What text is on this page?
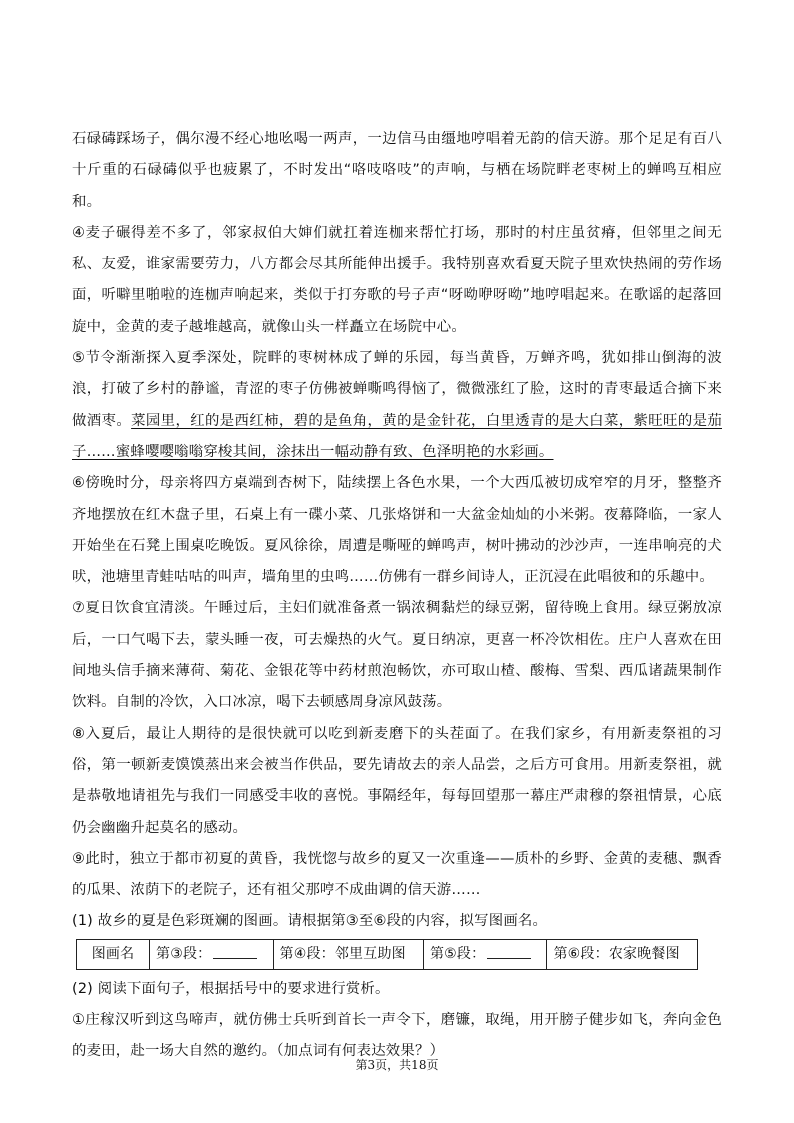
石碌碡踩场子，偶尔漫不经心地吆喝一两声，一边信马由缰地哼唱着无韵的信天游。那个足足有百八十斤重的石碌碡似乎也疲累了，不时发出“咯吱咯吱”的声响，与栖在场院畔老枣树上的蝉鸣互相应和。

④麦子碾得差不多了，邻家叔伯大婶们就扛着连枷来帮忙打场，那时的村庄虽贫瘠，但邻里之间无私、友爱，谁家需要劳力，八方都会尽其所能伸出援手。我特别喜欢看夏天院子里欢快热闹的劳作场面，听噼里啪啦的连枷声响起来，类似于打夯歌的号子声“呀呦咿呀呦”地哼唱起来。在歌谣的起落回旋中，金黄的麦子越堆越高，就像山头一样矗立在场院中心。

⑤节令渐渐探入夏季深处，院畔的枣树林成了蝉的乐园，每当黄昏，万蝉齐鸣，犹如排山倒海的波浪，打破了乡村的静谧，青涩的枣子仿佛被蝉嘶鸣得恼了，微微涨红了脸，这时的青枣最适合摘下来做酒枣。菜园里，红的是西红柿，碧的是鱼角，黄的是金针花，白里透青的是大白菜，紫旺旺的是茄子……蜜蜂嘤嘤嗡嗡穿梭其间，涂抹出一幅动静有致、色泽明艳的水彩画。

⑥傍晚时分，母亲将四方桌端到杏树下，陆续摆上各色水果，一个大西瓜被切成窄窄的月牙，整整齐齐地摆放在红木盘子里，石桌上有一碟小菜、几张烙饼和一大盆金灿灿的小米粥。夜幕降临，一家人开始坐在石凳上围桌吃晚饭。夏风徐徐，周遭是嘶哑的蝉鸣声，树叶拂动的沙沙声，一连串响亮的犬吠，池塘里青蛙咕咕的叫声，墙角里的虫鸣……仿佛有一群乡间诗人，正沉浸在此唱彼和的乐趣中。

⑦夏日饮食宜清淡。午睡过后，主妇们就准备煮一锅浓稠黏烂的绿豆粥，留待晚上食用。绿豆粥放凉后，一口气喝下去，蒙头睡一夜，可去燥热的火气。夏日纳凉，更喜一杯冷饮相佐。庄户人喜欢在田间地头信手摘来薄荷、菊花、金银花等中药材煎泡畅饮，亦可取山楂、酸梅、雪梨、西瓜诸蔬果制作饮料。自制的冷饮，入口冰凉，喝下去顿感周身凉风鼓荡。

⑧入夏后，最让人期待的是很快就可以吃到新麦磨下的头茬面了。在我们家乡，有用新麦祭祖的习俗，第一顿新麦馍馍蒸出来会被当作供品，要先请故去的亲人品尝，之后方可食用。用新麦祭祖，就是恭敬地请祖先与我们一同感受丰收的喜悦。事隔经年，每每回望那一幕庄严肃穆的祭祖情景，心底仍会幽幽升起莫名的感动。

⑨此时，独立于都市初夏的黄昏，我恍惚与故乡的夏又一次重逢——质朴的乡野、金黄的麦穗、飘香的瓜果、浓荫下的老院子，还有祖父那哼不成曲调的信天游……

(1) 故乡的夏是色彩斑斓的图画。请根据第③至⑥段的内容，拟写图画名。

图画名	第③段：	第④段：邻里互助图	第⑤段：	第⑥段：农家晚餐图

(2) 阅读下面句子，根据括号中的要求进行赏析。

①庄稼汉听到这鸟啼声，就仿佛士兵听到首长一声令下，磨镰，取绳，用开膀子健步如飞，奔向金色的麦田，赴一场大自然的邀约。（加点词有何表达效果？）

第3页，共18页
